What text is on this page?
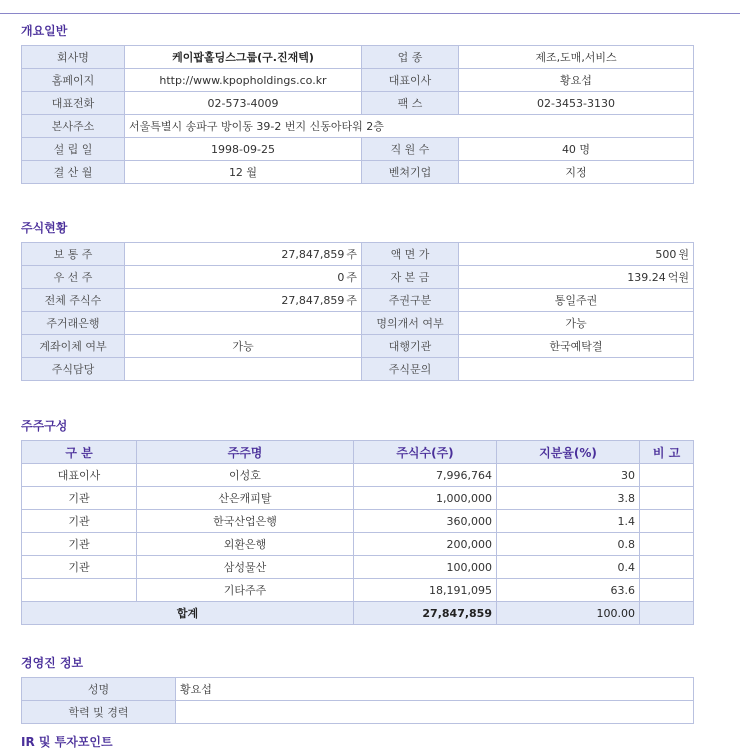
개요일반
회사명	케이팝홀딩스그룹(구.진재텍)	업 종	제조,도매,서비스
홈페이지	http://www.kpopholdings.co.kr	대표이사	황요섭
대표전화	02-573-4009	팩 스	02-3453-3130
본사주소	서울특별시 송파구 방이동 39-2 번지 신동아타워 2층		
설 립 일	1998-09-25	직 원 수	40 명
결 산 월	12 월	벤쳐기업	지정
주식현황
보 통 주	27,847,859 주	액 면 가	500 원
우 선 주	0 주	자 본 금	139.24 억원
전체 주식수	27,847,859 주	주권구분	통일주권
주거래은행		명의개서 여부	가능
계좌이체 여부	가능	대행기관	한국예탁결
주식담당		주식문의	
주주구성
구 분	주주명	주식수(주)	지분율(%)	비 고
대표이사	이성호	7,996,764	30	
기관	산은캐피탈	1,000,000	3.8	
기관	한국산업은행	360,000	1.4	
기관	외환은행	200,000	0.8	
기관	삼성물산	100,000	0.4	
	기타주주	18,191,095	63.6	
합계		27,847,859	100.00	
경영진 정보
성명	황요섭
학력 및 경력	
IR 및 투자포인트
